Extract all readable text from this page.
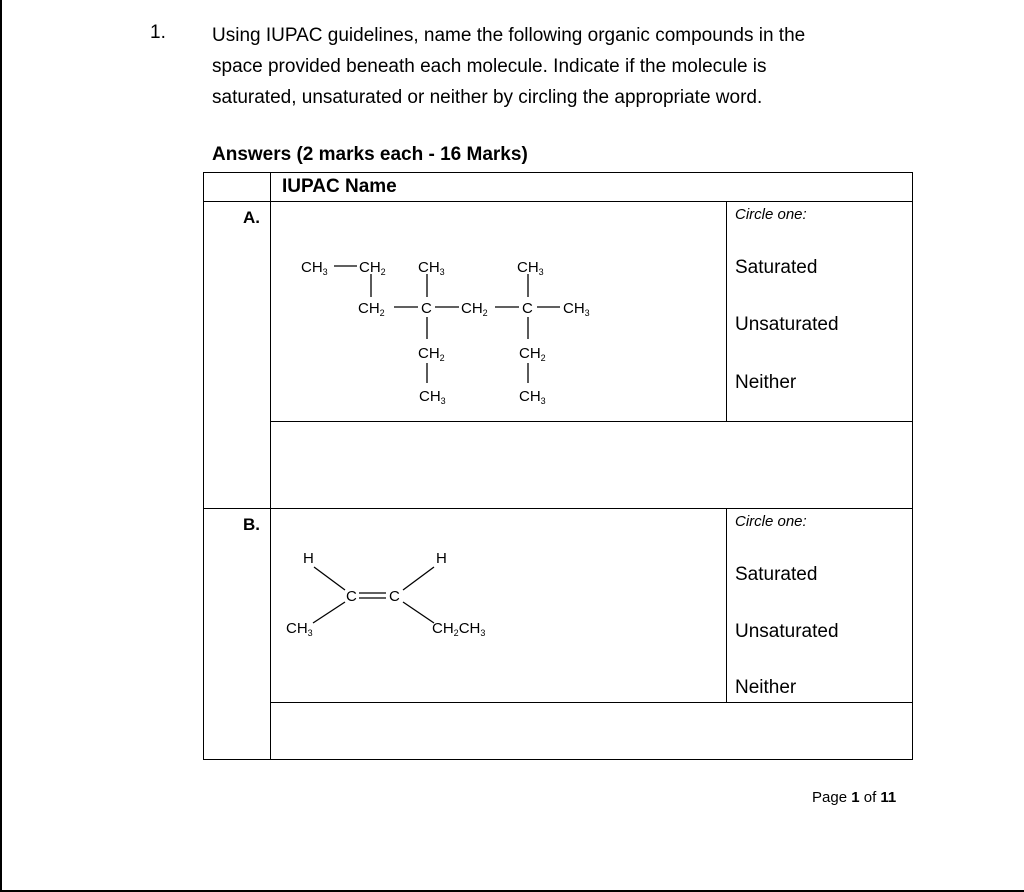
1. Using IUPAC guidelines, name the following organic compounds in the

space provided beneath each molecule. Indicate if the molecule is

saturated, unsaturated or neither by circling the appropriate word.

Answers (2 marks each - 16 Marks)
IUPAC Name
A.	Circle one:
Saturated
Unsaturated
Neither
$CH_3$ $CH_2$ $CH_3$	$CH_3$
$CH_2$ C $CH_2$ C $CH_3$
$CH_2$	$CH_2$
$CH_3$	$CH_3$
B.	Circle one:
Saturated
Unsaturated
Neither
H	H
C C
$CH_3$	$CH_2CH_3$
Page 1 of 11
